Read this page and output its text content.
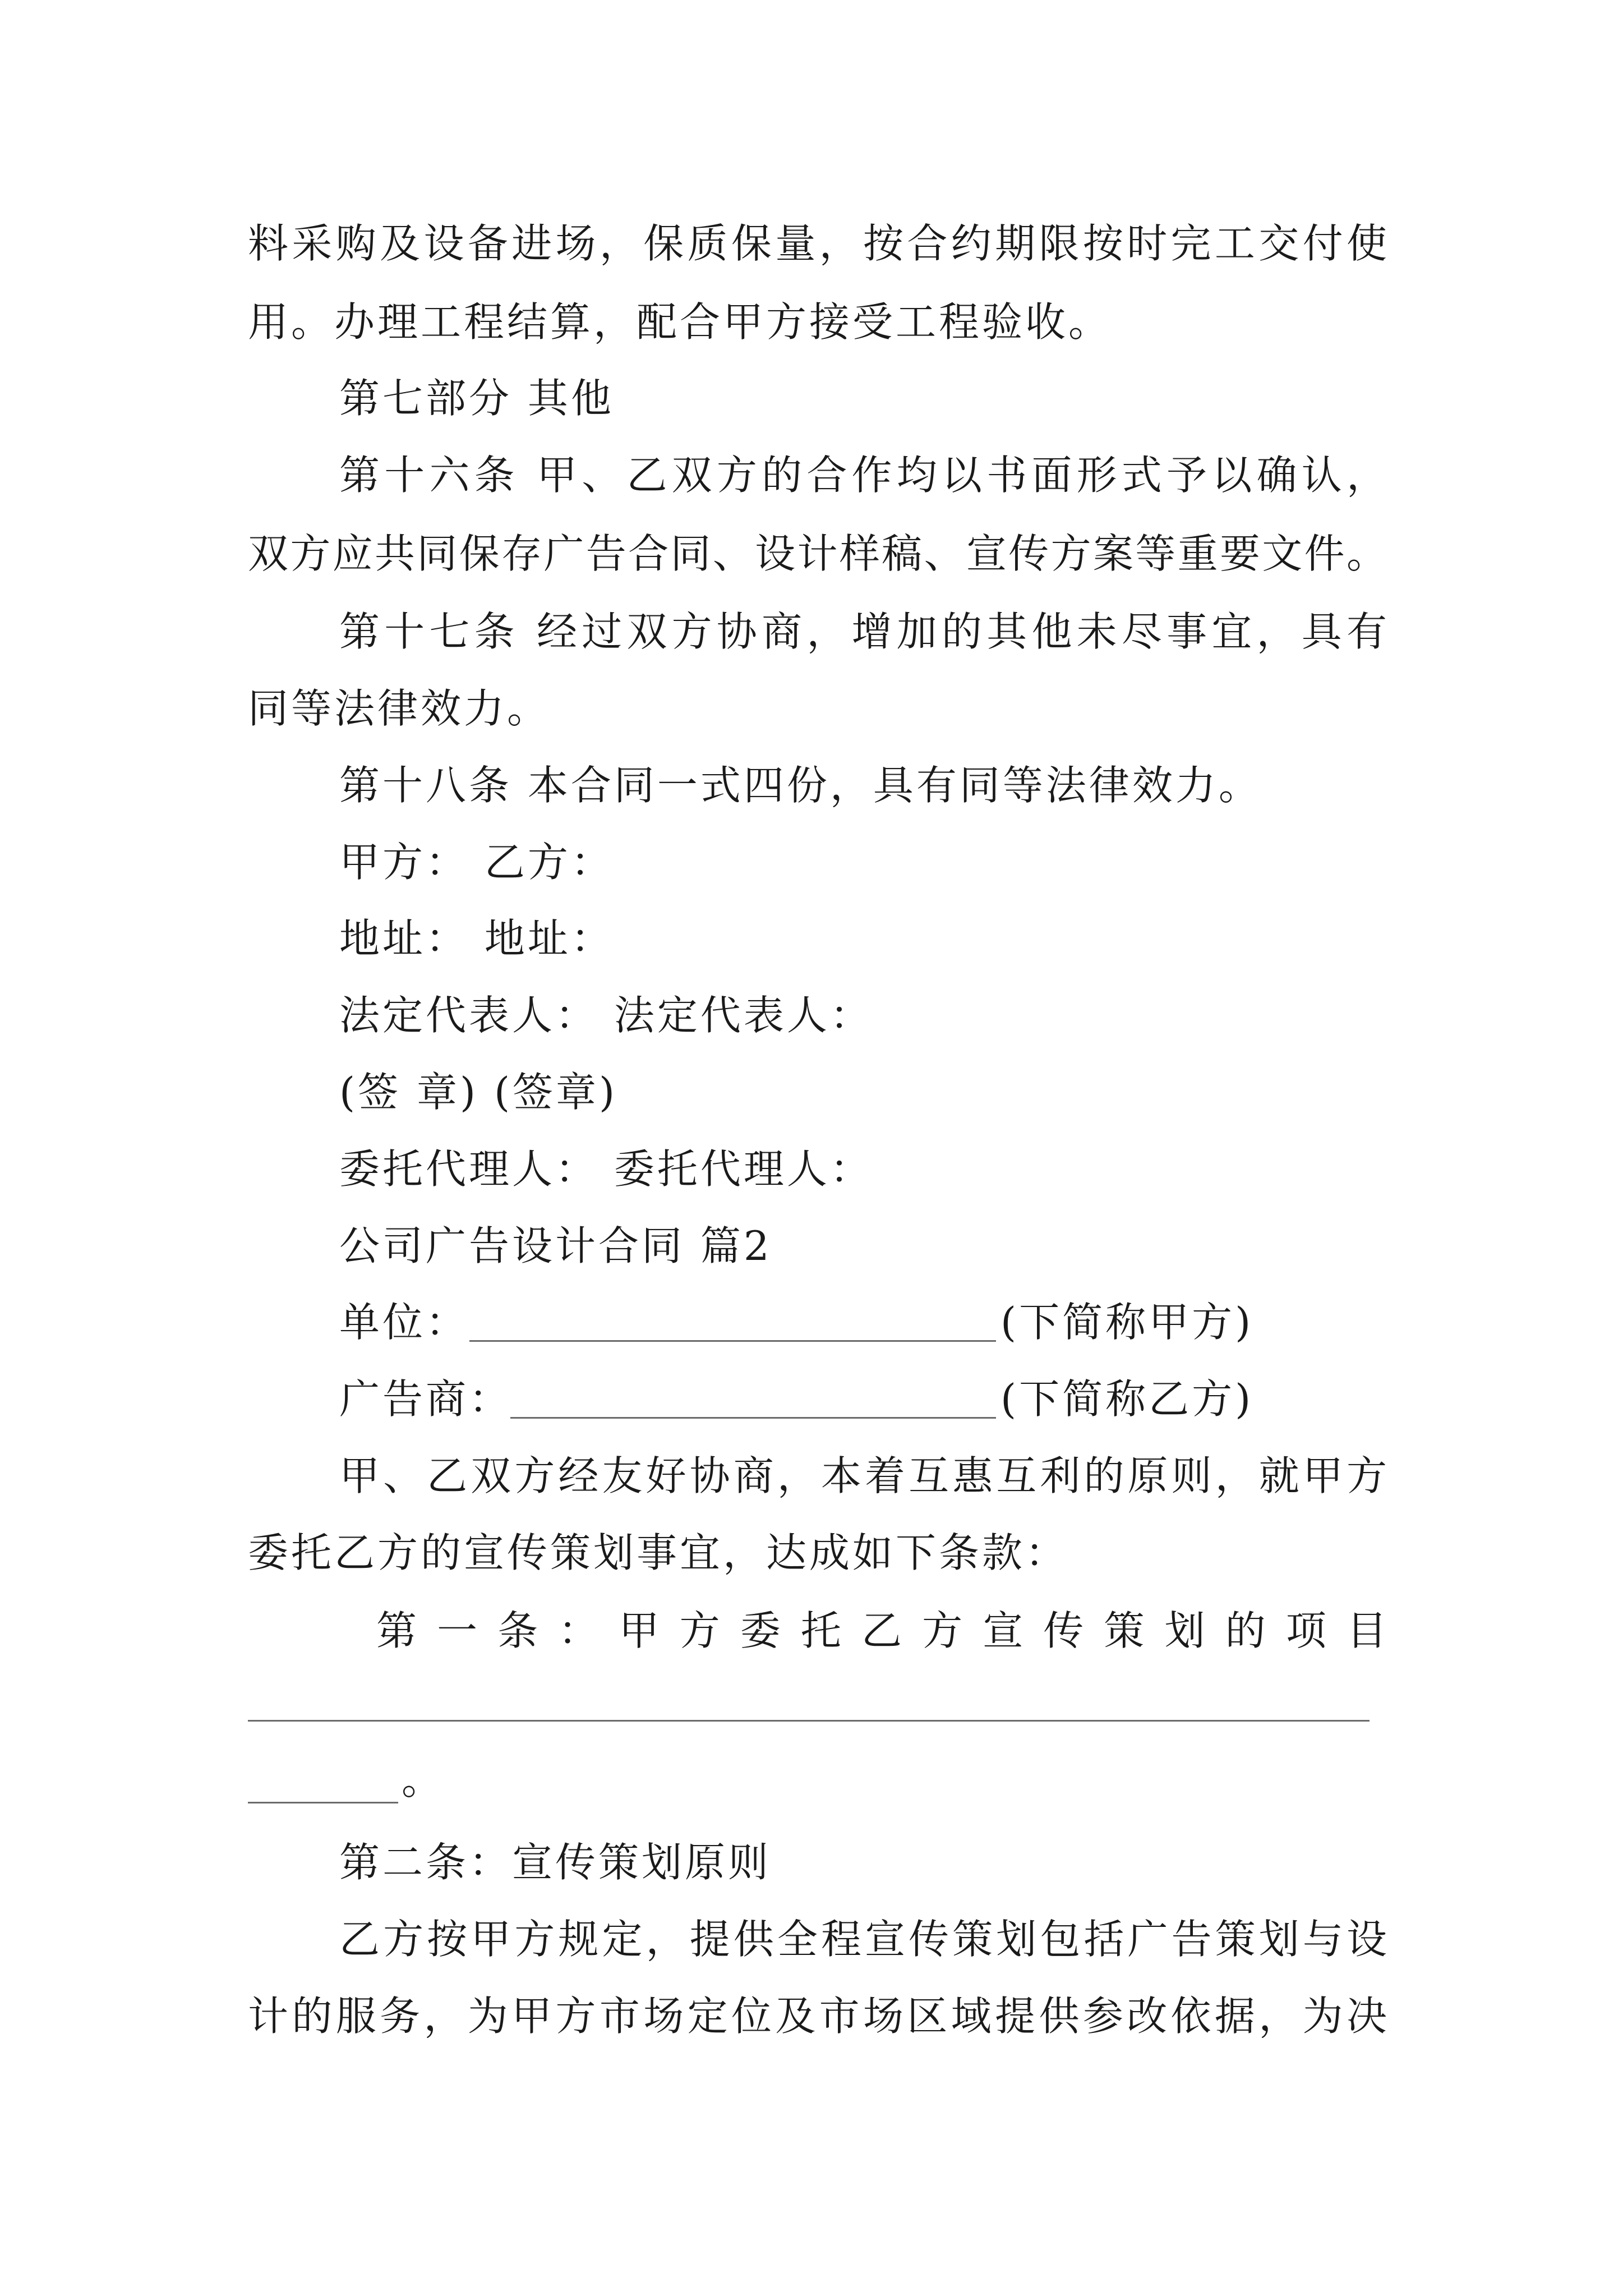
料采购及设备进场，保质保量，按合约期限按时完工交付使
用。办理工程结算，配合甲方接受工程验收。
第七部分 其他
第十六条 甲、乙双方的合作均以书面形式予以确认，
双方应共同保存广告合同、设计样稿、宣传方案等重要文件。
第十七条 经过双方协商，增加的其他未尽事宜，具有
同等法律效力。
第十八条 本合同一式四份，具有同等法律效力。
甲方： 乙方：
地址： 地址：
法定代表人： 法定代表人：
(签 章) (签章)
委托代理人： 委托代理人：
公司广告设计合同 篇2
单位：	(下简称甲方)
广告商：	(下简称乙方)
甲、乙双方经友好协商，本着互惠互利的原则，就甲方
委托乙方的宣传策划事宜，达成如下条款：
第一条：甲方委托乙方宣传策划的项目
。
第二条：宣传策划原则
乙方按甲方规定，提供全程宣传策划包括广告策划与设
计的服务，为甲方市场定位及市场区域提供参改依据，为决
